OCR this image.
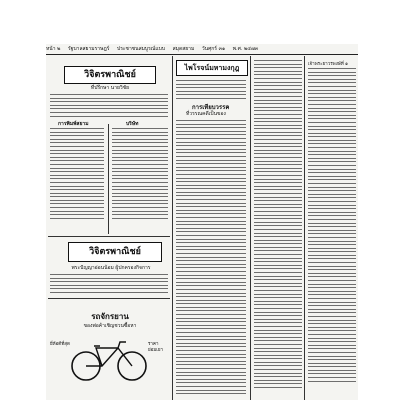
หน้า ๒ รัฐบาลสยามราษฎร์ ประชาชนสมบูรณ์แบบ สมุดสยาม วันศุกร์ ๓๑ พ.ศ. ๒๔๗๓
วิจิตรพาณิชย์
ที่ปรึกษา นายวิชัย
การพิมพ์สยาม	บริษัท
วิจิตรพาณิชย์
พระปัญญาอ่อนน้อม ผู้ปกครองกิจการ
รถจักรยาน
ของพ่อค้าเชิญชวนซื้อหา
ยี่ห้อดีที่สุด	ราคาย่อมเยา
ไพโรจน์มหามงกุฎ
การเทียบวรรค
ที่วรรณคดีเป็นของ
เจ้าพระยาวรพงษ์ที่ ๑
